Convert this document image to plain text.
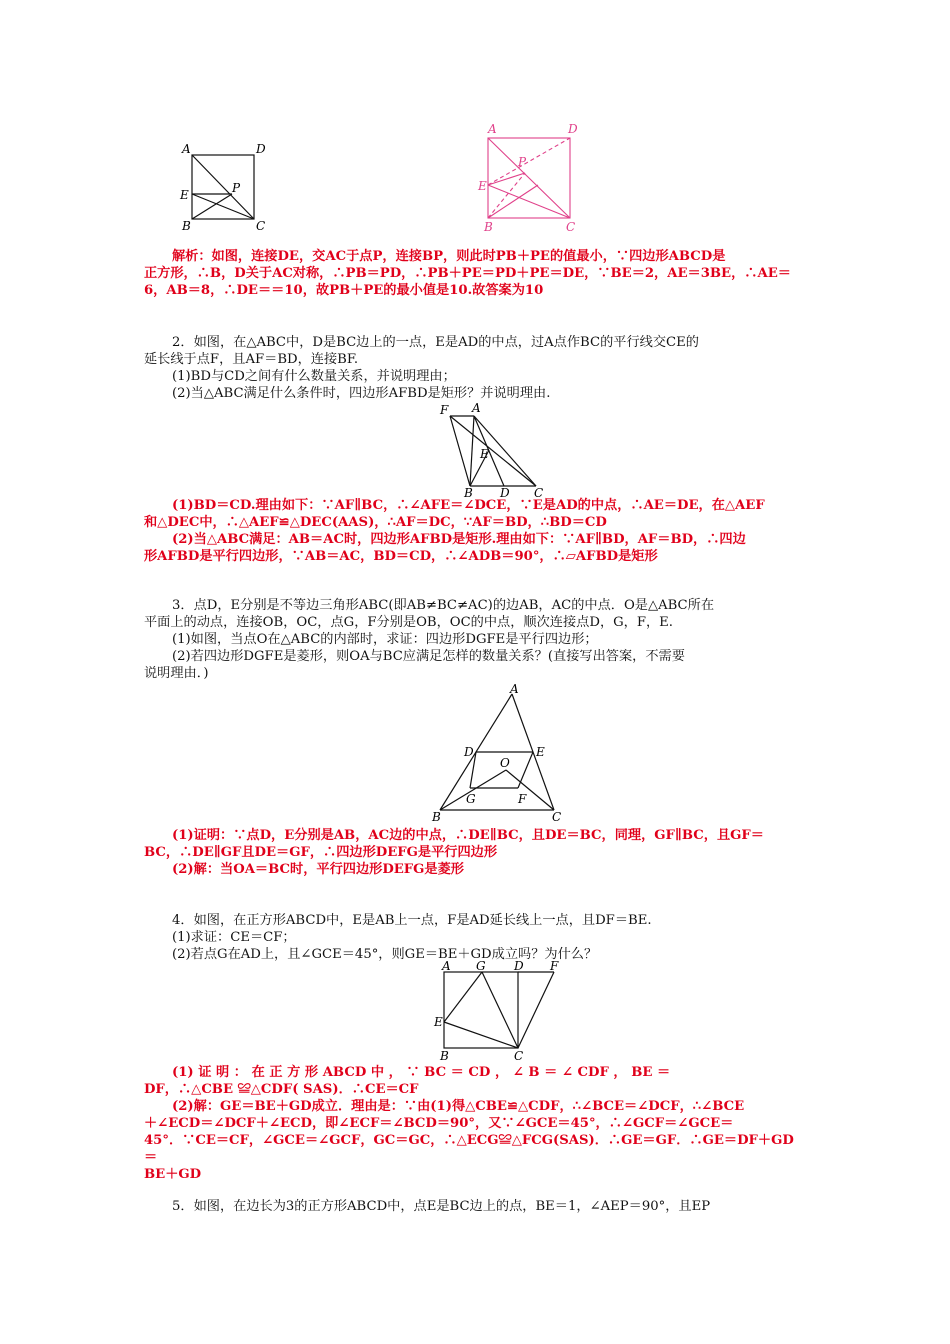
A	D
E	P
B	C
A	D
P
E
B	C

解析：如图，连接DE，交AC于点P，连接BP，则此时PB＋PE的值最小，∵四边形ABCD是

正方形，∴B，D关于AC对称，∴PB＝PD，∴PB＋PE＝PD＋PE＝DE，∵BE＝2，AE＝3BE，∴AE＝

6，AB＝8，∴DE＝＝10，故PB＋PE的最小值是10.故答案为10

2．如图，在△ABC中，D是BC边上的一点，E是AD的中点，过A点作BC的平行线交CE的

延长线于点F，且AF＝BD，连接BF.

(1)BD与CD之间有什么数量关系，并说明理由；

(2)当△ABC满足什么条件时，四边形AFBD是矩形？并说明理由.

F A
E
B D C

(1)BD＝CD.理由如下：∵AF∥BC，∴∠AFE＝∠DCE，∵E是AD的中点，∴AE＝DE，在△AEF

和△DEC中，∴△AEF≌△DEC(AAS)，∴AF＝DC，∵AF＝BD，∴BD＝CD

(2)当△ABC满足：AB＝AC时，四边形AFBD是矩形.理由如下：∵AF∥BD，AF＝BD，∴四边

形AFBD是平行四边形，∵AB＝AC，BD＝CD，∴∠ADB＝90°，∴▱AFBD是矩形

3．点D，E分别是不等边三角形ABC(即AB≠BC≠AC)的边AB，AC的中点．O是△ABC所在

平面上的动点，连接OB，OC，点G，F分别是OB，OC的中点，顺次连接点D，G，F，E.

(1)如图，当点O在△ABC的内部时，求证：四边形DGFE是平行四边形；

(2)若四边形DGFE是菱形，则OA与BC应满足怎样的数量关系？(直接写出答案，不需要

说明理由．)

A
D	E
O
G	F
B	C

(1)证明：∵点D，E分别是AB，AC边的中点，∴DE∥BC，且DE＝BC，同理，GF∥BC，且GF＝

BC，∴DE∥GF且DE＝GF，∴四边形DEFG是平行四边形

(2)解：当OA＝BC时，平行四边形DEFG是菱形

4．如图，在正方形ABCD中，E是AB上一点，F是AD延长线上一点，且DF＝BE.

(1)求证：CE＝CF；

(2)若点G在AD上，且∠GCE＝45°，则GE＝BE＋GD成立吗？为什么？

A G D F
E
B	C

(1) 证 明 ： 在 正 方 形 ABCD 中 ， ∵ BC ＝ CD ， ∠ B ＝ ∠ CDF ， BE ＝

DF，∴△CBE ≌△CDF( SAS)．∴CE＝CF

(2)解：GE＝BE＋GD成立．理由是：∵由(1)得△CBE≌△CDF，∴∠BCE＝∠DCF，∴∠BCE

＋∠ECD＝∠DCF＋∠ECD，即∠ECF＝∠BCD＝90°，又∵∠GCE＝45°，∴∠GCF＝∠GCE＝

45°．∵CE＝CF，∠GCE＝∠GCF，GC＝GC，∴△ECG≌△FCG(SAS)．∴GE＝GF．∴GE＝DF＋GD＝

BE＋GD

5．如图，在边长为3的正方形ABCD中，点E是BC边上的点，BE＝1，∠AEP＝90°，且EP
